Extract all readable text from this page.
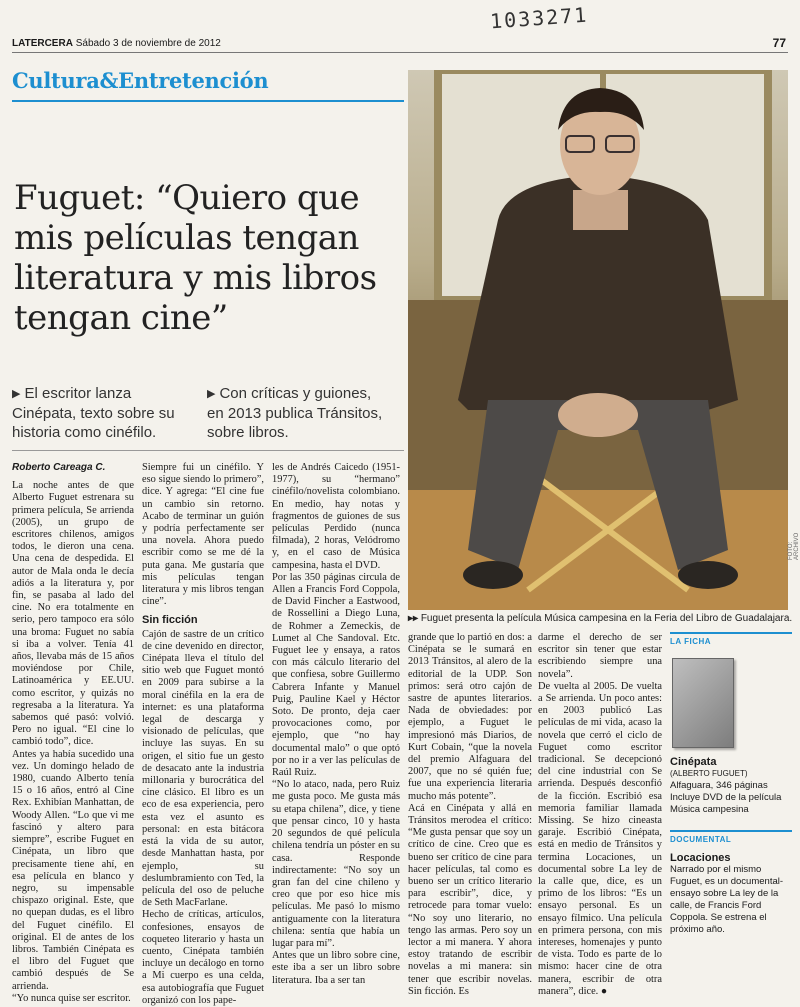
1033271
LATERCERA Sábado 3 de noviembre de 2012	77
Cultura&Entretención
Fuguet: “Quiero que mis películas tengan literatura y mis libros tengan cine”
▶ El escritor lanza Cinépata, texto sobre su historia como cinéfilo.
▶ Con críticas y guiones, en 2013 publica Tránsitos, sobre libros.
FOTO: ARCHIVO
▸▸ Fuguet presenta la película Música campesina en la Feria del Libro de Guadalajara.

Roberto Careaga C.

La noche antes de que Alberto Fuguet estrenara su primera película, Se arrienda (2005), un grupo de escritores chilenos, amigos todos, le dieron una cena. Una cena de despedida. El autor de Mala onda le decía adiós a la literatura y, por fin, se pasaba al lado del cine. No era totalmente en serio, pero tampoco era sólo una broma: Fuguet no sabía si iba a volver. Tenía 41 años, llevaba más de 15 años moviéndose por Chile, Latinoamérica y EE.UU. como escritor, y quizás no regresaba a la literatura. Ya sabemos qué pasó: volvió. Pero no igual. “El cine lo cambió todo”, dice.

Antes ya había sucedido una vez. Un domingo helado de 1980, cuando Alberto tenía 15 o 16 años, entró al Cine Rex. Exhibían Manhattan, de Woody Allen. “Lo que vi me fascinó y altero para siempre”, escribe Fuguet en Cinépata, un libro que precisamente tiene ahí, en esa película en blanco y negro, su impensable chispazo original. Este, que no quepan dudas, es el libro del Fuguet cinéfilo. El original. El de antes de los libros. También Cinépata es el libro del Fuguet que cambió después de Se arrienda.

“Yo nunca quise ser escritor.

Siempre fui un cinéfilo. Y eso sigue siendo lo primero”, dice. Y agrega: “El cine fue un cambio sin retorno. Acabo de terminar un guión y podría perfectamente ser una novela. Ahora puedo escribir como se me dé la puta gana. Me gustaría que mis películas tengan literatura y mis libros tengan cine”.

Sin ficción

Cajón de sastre de un crítico de cine devenido en director, Cinépata lleva el título del sitio web que Fuguet montó en 2009 para subirse a la moral cinéfila en la era de internet: es una plataforma legal de descarga y visionado de películas, que incluye las suyas. En su origen, el sitio fue un gesto de desacato ante la industria millonaria y burocrática del cine clásico. El libro es un eco de esa experiencia, pero esta vez el asunto es personal: en esta bitácora está la vida de su autor, desde Manhattan hasta, por ejemplo, su deslumbramiento con Ted, la película del oso de peluche de Seth MacFarlane.

Hecho de críticas, artículos, confesiones, ensayos de coqueteo literario y hasta un cuento, Cinépata también incluye un decálogo en torno a Mi cuerpo es una celda, esa autobiografía que Fuguet organizó con los pape-

les de Andrés Caicedo (1951-1977), su “hermano” cinéfilo/novelista colombiano. En medio, hay notas y fragmentos de guiones de sus películas Perdido (nunca filmada), 2 horas, Velódromo y, en el caso de Música campesina, hasta el DVD.

Por las 350 páginas circula de Allen a Francis Ford Coppola, de David Fincher a Eastwood, de Rossellini a Diego Luna, de Rohmer a Zemeckis, de Lumet al Che Sandoval. Etc. Fuguet lee y ensaya, a ratos con más cálculo literario del que confiesa, sobre Guillermo Cabrera Infante y Manuel Puig, Pauline Kael y Héctor Soto. De pronto, deja caer provocaciones como, por ejemplo, que “no hay documental malo” o que optó por no ir a ver las películas de Raúl Ruiz.

“No lo ataco, nada, pero Ruiz me gusta poco. Me gusta más su etapa chilena”, dice, y tiene que pensar cinco, 10 y hasta 20 segundos de qué película chilena tendría un póster en su casa. Responde indirectamente: “No soy un gran fan del cine chileno y creo que por eso hice mis películas. Me pasó lo mismo antiguamente con la literatura chilena: sentía que había un lugar para mí”.

Antes que un libro sobre cine, este iba a ser un libro sobre literatura. Iba a ser tan

grande que lo partió en dos: a Cinépata se le sumará en 2013 Tránsitos, al alero de la editorial de la UDP. Son primos: será otro cajón de sastre de apuntes literarios. Nada de obviedades: por ejemplo, a Fuguet le impresionó más Diarios, de Kurt Cobain, “que la novela del premio Alfaguara del 2007, que no sé quién fue; fue una experiencia literaria mucho más potente”.

Acá en Cinépata y allá en Tránsitos merodea el crítico: “Me gusta pensar que soy un crítico de cine. Creo que es bueno ser crítico de cine para hacer películas, tal como es bueno ser un crítico literario para escribir”, dice, y retrocede para tomar vuelo: “No soy uno literario, no tengo las armas. Pero soy un lector a mi manera. Y ahora estoy tratando de escribir novelas a mi manera: sin tener que escribir novelas. Sin ficción. Es

darme el derecho de ser escritor sin tener que estar escribiendo siempre una novela”.

De vuelta al 2005. De vuelta a Se arrienda. Un poco antes: en 2003 publicó Las películas de mi vida, acaso la novela que cerró el ciclo de Fuguet como escritor tradicional. Se decepcionó del cine industrial con Se arrienda. Después desconfió de la ficción. Escribió esa memoria familiar llamada Missing. Se hizo cineasta garaje. Escribió Cinépata, está en medio de Tránsitos y termina Locaciones, un documental sobre La ley de la calle que, dice, es un primo de los libros: “Es un ensayo personal. Es un ensayo fílmico. Una película en primera persona, con mis intereses, homenajes y punto de vista. Todo es parte de lo mismo: hacer cine de otra manera, escribir de otra manera”, dice. ●

LA FICHA
Cinépata
(ALBERTO FUGUET)
Alfaguara, 346 páginas Incluye DVD de la película Música campesina
DOCUMENTAL
Locaciones
Narrado por el mismo Fuguet, es un documental-ensayo sobre La ley de la calle, de Francis Ford Coppola. Se estrena el próximo año.
